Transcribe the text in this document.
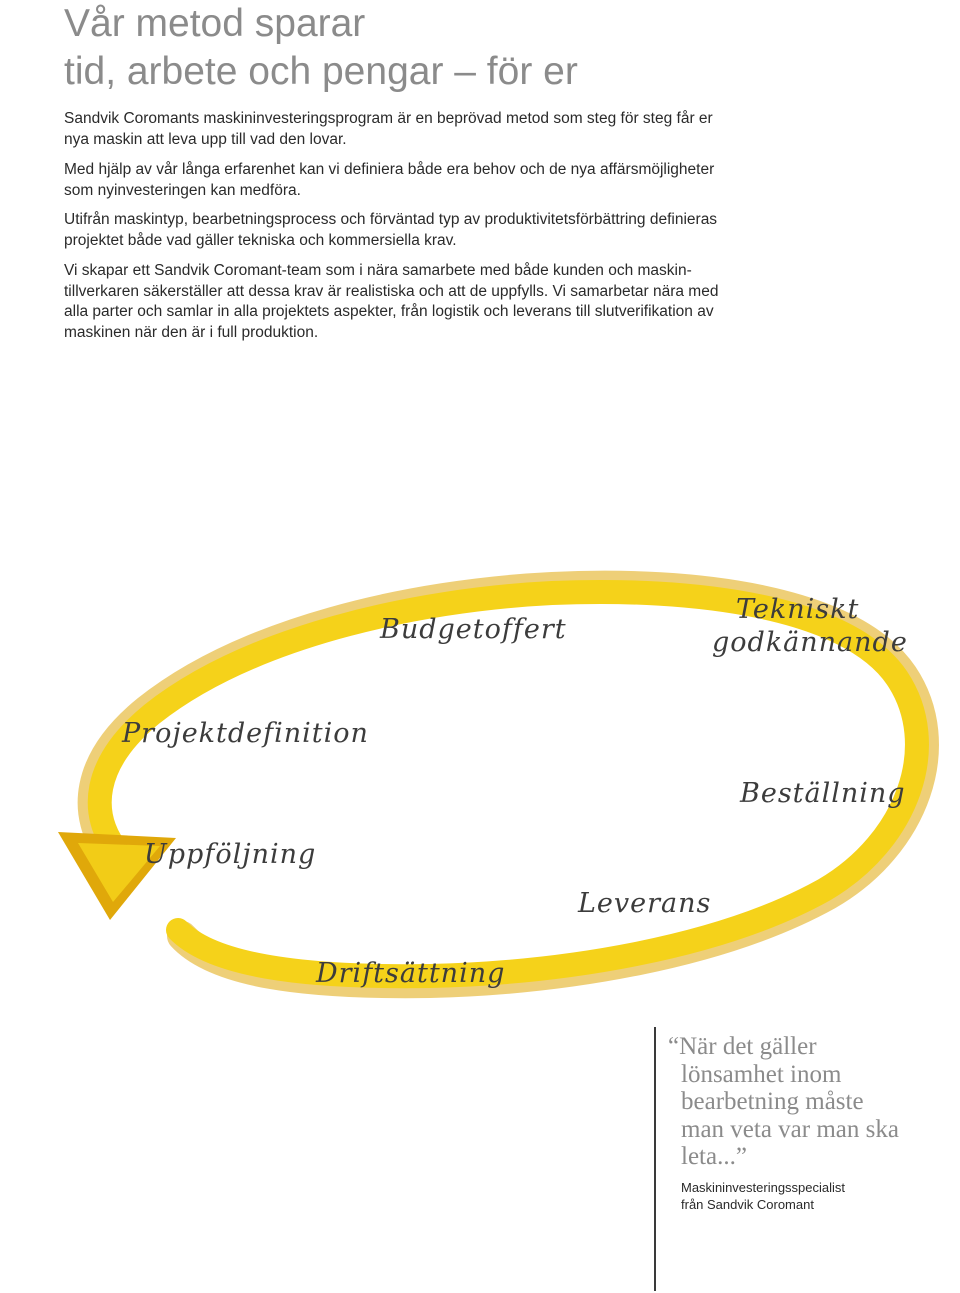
Vår metod sparar
tid, arbete och pengar – för er

Sandvik Coromants maskininvesteringsprogram är en beprövad metod som steg för steg får er
nya maskin att leva upp till vad den lovar.

Med hjälp av vår långa erfarenhet kan vi definiera både era behov och de nya affärsmöjligheter
som nyinvesteringen kan medföra.

Utifrån maskintyp, bearbetningsprocess och förväntad typ av produktivitetsförbättring definieras
projektet både vad gäller tekniska och kommersiella krav.

Vi skapar ett Sandvik Coromant-team som i nära samarbete med både kunden och maskin-
tillverkaren säkerställer att dessa krav är realistiska och att de uppfylls. Vi samarbetar nära med
alla parter och samlar in alla projektets aspekter, från logistik och leverans till slutverifikation av
maskinen när den är i full produktion.

Budgetoffert
Tekniskt
godkännande
Projektdefinition
Beställning
Uppföljning
Leverans
Driftsättning
“När det gäller
lönsamhet inom
bearbetning måste
man veta var man ska
leta...”

Maskininvesteringsspecialist
från Sandvik Coromant
